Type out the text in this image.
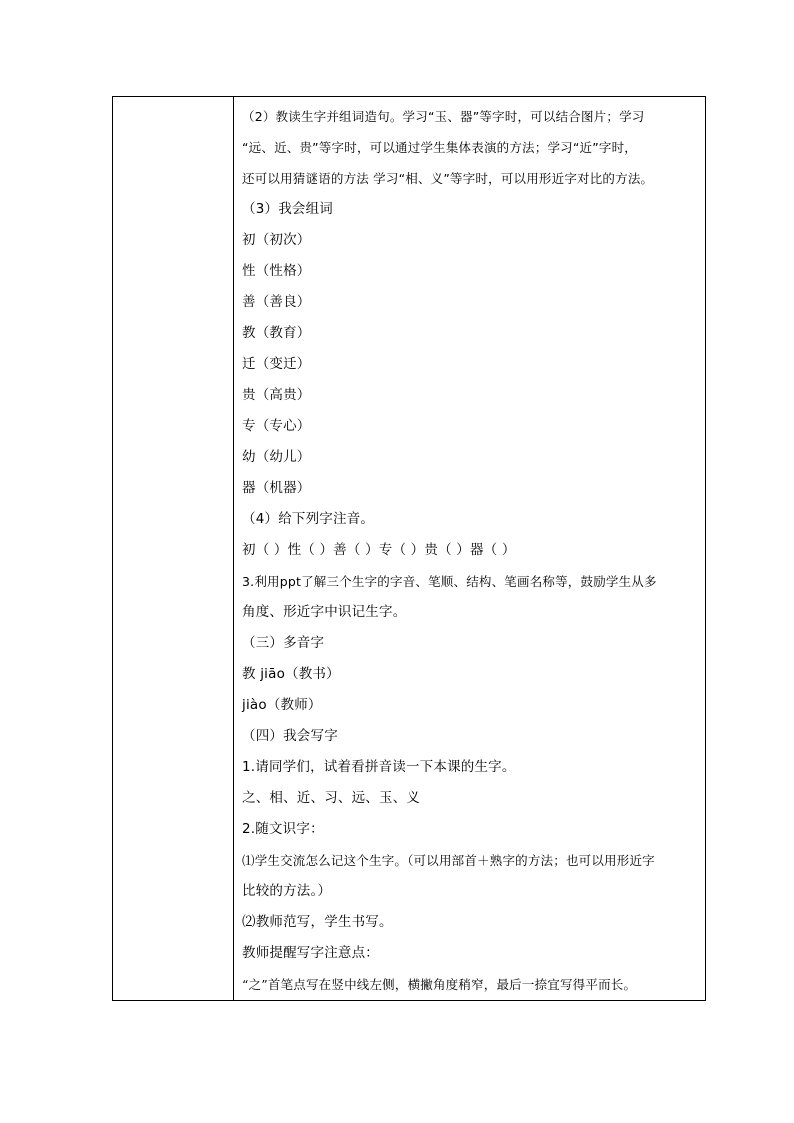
（2）教读生字并组词造句。学习“玉、器”等字时，可以结合图片；学习
“远、近、贵”等字时，可以通过学生集体表演的方法；学习“近”字时，
还可以用猜谜语的方法 学习“相、义”等字时，可以用形近字对比的方法。
（3）我会组词
初（初次）
性（性格）
善（善良）
教（教育）
迁（变迁）
贵（高贵）
专（专心）
幼（幼儿）
器（机器）
（4）给下列字注音。
初（ ）性（ ）善（ ）专（ ）贵（ ）器（ ）
3.利用ppt了解三个生字的字音、笔顺、结构、笔画名称等，鼓励学生从多
角度、形近字中识记生字。
（三）多音字
教 jiāo（教书）
jiào（教师）
（四）我会写字
1.请同学们，试着看拼音读一下本课的生字。
之、相、近、习、远、玉、义
2.随文识字：
⑴学生交流怎么记这个生字。（可以用部首＋熟字的方法；也可以用形近字
比较的方法。）
⑵教师范写，学生书写。
教师提醒写字注意点：
“之”首笔点写在竖中线左侧，横撇角度稍窄，最后一捺宜写得平而长。
